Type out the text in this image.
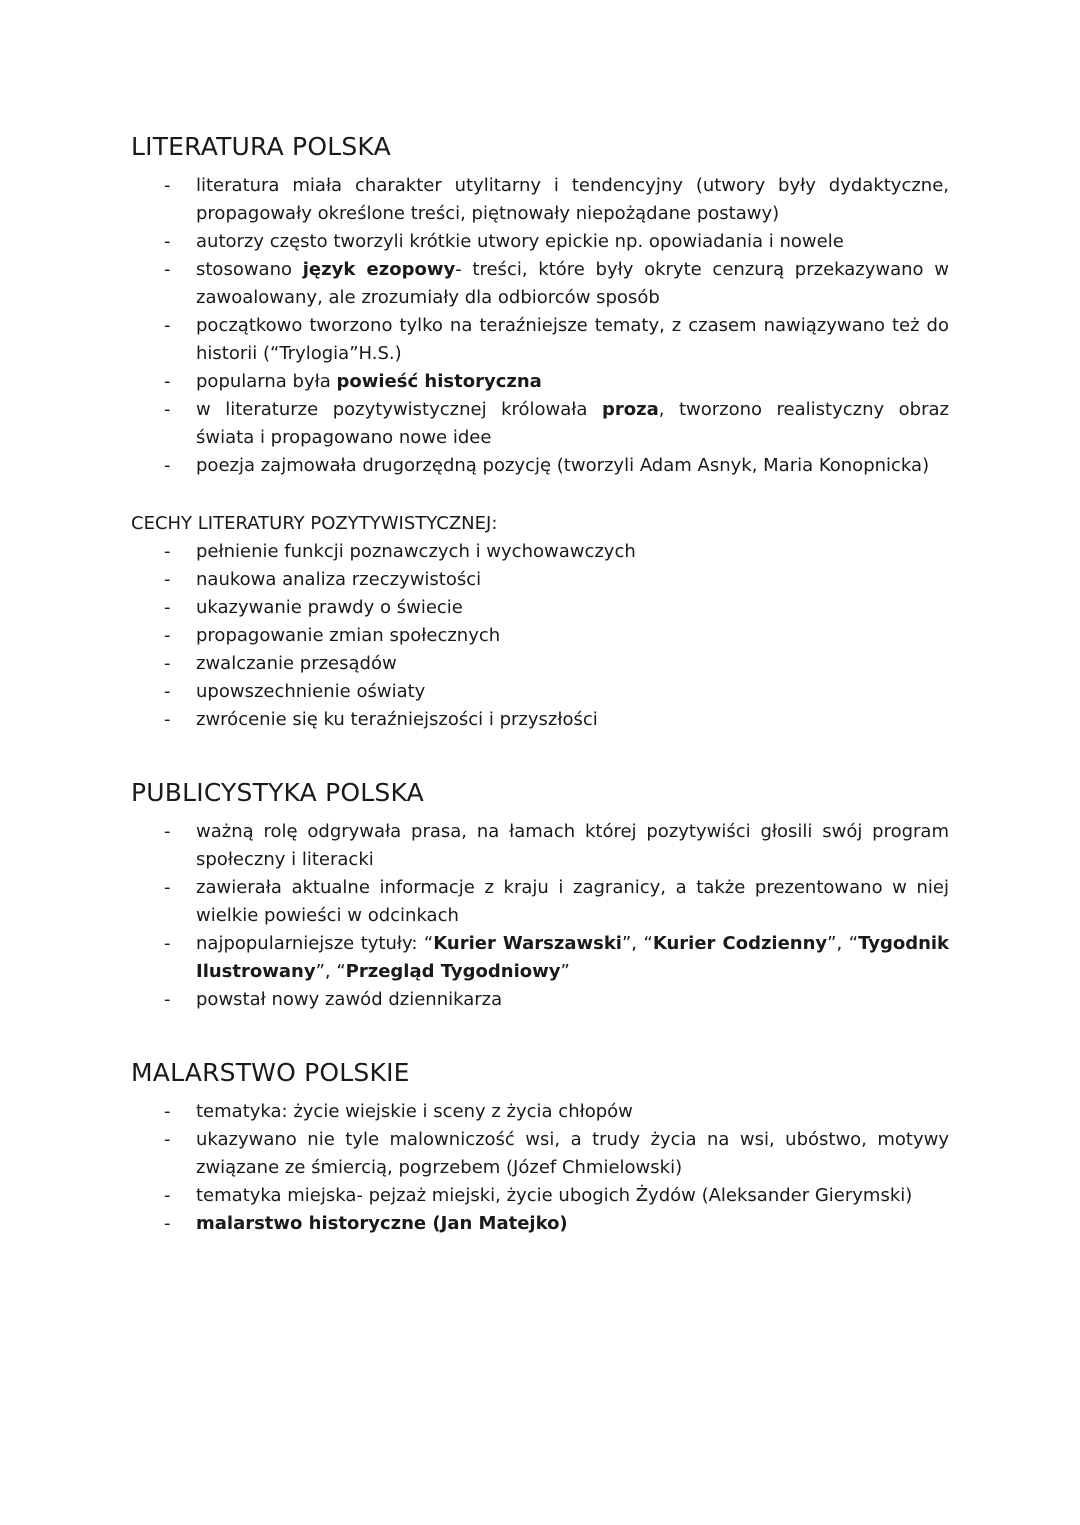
LITERATURA POLSKA
- literatura miała charakter utylitarny i tendencyjny (utwory były dydaktyczne, propagowały określone treści, piętnowały niepożądane postawy)
- autorzy często tworzyli krótkie utwory epickie np. opowiadania i nowele
- stosowano język ezopowy- treści, które były okryte cenzurą przekazywano w zawoalowany, ale zrozumiały dla odbiorców sposób
- początkowo tworzono tylko na teraźniejsze tematy, z czasem nawiązywano też do historii (“Trylogia”H.S.)
- popularna była powieść historyczna
- w literaturze pozytywistycznej królowała proza, tworzono realistyczny obraz świata i propagowano nowe idee
- poezja zajmowała drugorzędną pozycję (tworzyli Adam Asnyk, Maria Konopnicka)

CECHY LITERATURY POZYTYWISTYCZNEJ:

- pełnienie funkcji poznawczych i wychowawczych
- naukowa analiza rzeczywistości
- ukazywanie prawdy o świecie
- propagowanie zmian społecznych
- zwalczanie przesądów
- upowszechnienie oświaty
- zwrócenie się ku teraźniejszości i przyszłości
PUBLICYSTYKA POLSKA
- ważną rolę odgrywała prasa, na łamach której pozytywiści głosili swój program społeczny i literacki
- zawierała aktualne informacje z kraju i zagranicy, a także prezentowano w niej wielkie powieści w odcinkach
- najpopularniejsze tytuły: “Kurier Warszawski”, “Kurier Codzienny”, “Tygodnik Ilustrowany”, “Przegląd Tygodniowy”
- powstał nowy zawód dziennikarza
MALARSTWO POLSKIE
- tematyka: życie wiejskie i sceny z życia chłopów
- ukazywano nie tyle malowniczość wsi, a trudy życia na wsi, ubóstwo, motywy związane ze śmiercią, pogrzebem (Józef Chmielowski)
- tematyka miejska- pejzaż miejski, życie ubogich Żydów (Aleksander Gierymski)
- malarstwo historyczne (Jan Matejko)
